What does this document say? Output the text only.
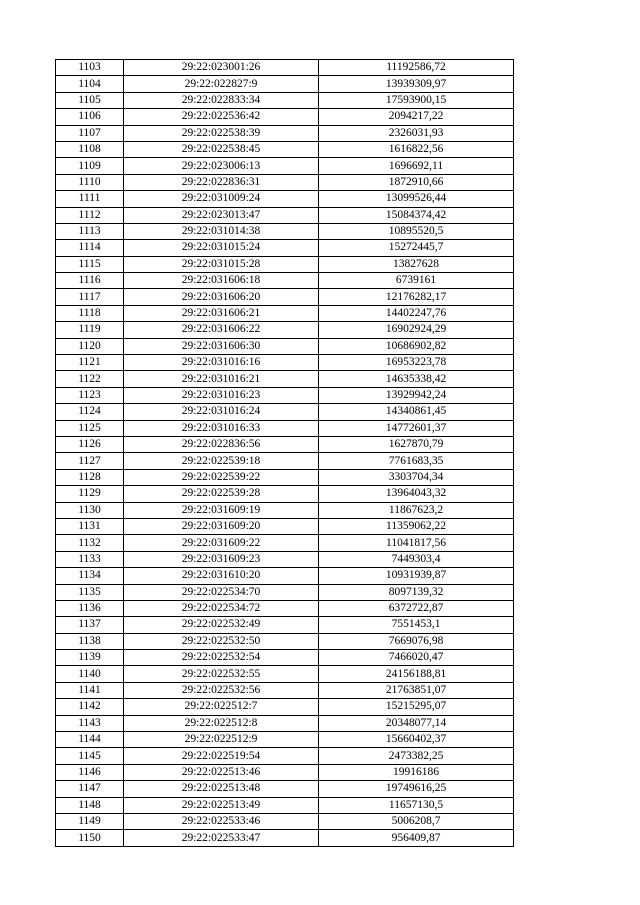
1103	29:22:023001:26	11192586,72
1104	29:22:022827:9	13939309,97
1105	29:22:022833:34	17593900,15
1106	29:22:022536:42	2094217,22
1107	29:22:022538:39	2326031,93
1108	29:22:022538:45	1616822,56
1109	29:22:023006:13	1696692,11
1110	29:22:022836:31	1872910,66
1111	29:22:031009:24	13099526,44
1112	29:22:023013:47	15084374,42
1113	29:22:031014:38	10895520,5
1114	29:22:031015:24	15272445,7
1115	29:22:031015:28	13827628
1116	29:22:031606:18	6739161
1117	29:22:031606:20	12176282,17
1118	29:22:031606:21	14402247,76
1119	29:22:031606:22	16902924,29
1120	29:22:031606:30	10686902,82
1121	29:22:031016:16	16953223,78
1122	29:22:031016:21	14635338,42
1123	29:22:031016:23	13929942,24
1124	29:22:031016:24	14340861,45
1125	29:22:031016:33	14772601,37
1126	29:22:022836:56	1627870,79
1127	29:22:022539:18	7761683,35
1128	29:22:022539:22	3303704,34
1129	29:22:022539:28	13964043,32
1130	29:22:031609:19	11867623,2
1131	29:22:031609:20	11359062,22
1132	29:22:031609:22	11041817,56
1133	29:22:031609:23	7449303,4
1134	29:22:031610:20	10931939,87
1135	29:22:022534:70	8097139,32
1136	29:22:022534:72	6372722,87
1137	29:22:022532:49	7551453,1
1138	29:22:022532:50	7669076,98
1139	29:22:022532:54	7466020,47
1140	29:22:022532:55	24156188,81
1141	29:22:022532:56	21763851,07
1142	29:22:022512:7	15215295,07
1143	29:22:022512:8	20348077,14
1144	29:22:022512:9	15660402,37
1145	29:22:022519:54	2473382,25
1146	29:22:022513:46	19916186
1147	29:22:022513:48	19749616,25
1148	29:22:022513:49	11657130,5
1149	29:22:022533:46	5006208,7
1150	29:22:022533:47	956409,87
